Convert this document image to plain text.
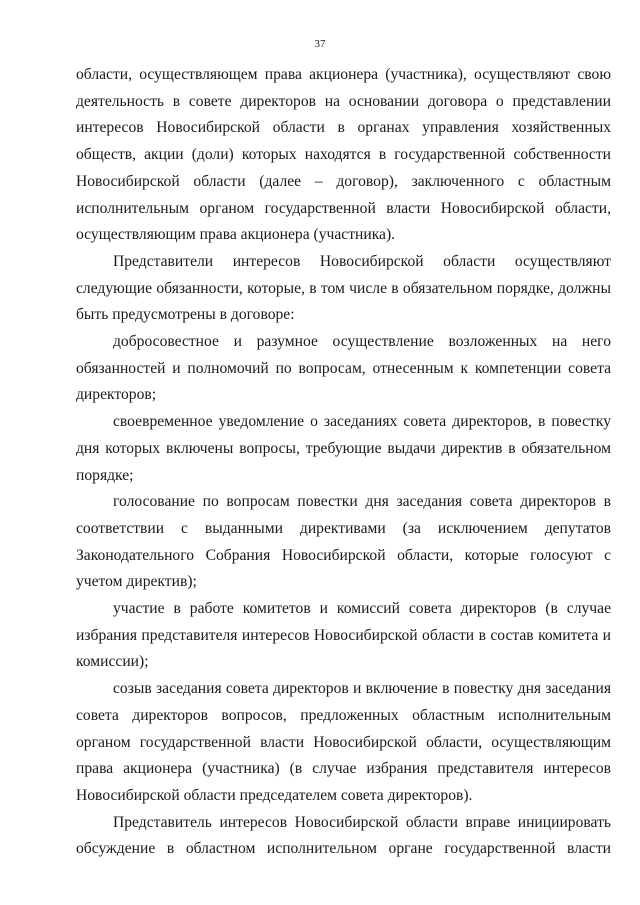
37

области, осуществляющем права акционера (участника), осуществляют свою деятельность в совете директоров на основании договора о представлении интересов Новосибирской области в органах управления хозяйственных обществ, акции (доли) которых находятся в государственной собственности Новосибирской области (далее – договор), заключенного с областным исполнительным органом государственной власти Новосибирской области, осуществляющим права акционера (участника).

Представители интересов Новосибирской области осуществляют следующие обязанности, которые, в том числе в обязательном порядке, должны быть предусмотрены в договоре:

добросовестное и разумное осуществление возложенных на него обязанностей и полномочий по вопросам, отнесенным к компетенции совета директоров;

своевременное уведомление о заседаниях совета директоров, в повестку дня которых включены вопросы, требующие выдачи директив в обязательном порядке;

голосование по вопросам повестки дня заседания совета директоров в соответствии с выданными директивами (за исключением депутатов Законодательного Собрания Новосибирской области, которые голосуют с учетом директив);

участие в работе комитетов и комиссий совета директоров (в случае избрания представителя интересов Новосибирской области в состав комитета и комиссии);

созыв заседания совета директоров и включение в повестку дня заседания совета директоров вопросов, предложенных областным исполнительным органом государственной власти Новосибирской области, осуществляющим права акционера (участника) (в случае избрания представителя интересов Новосибирской области председателем совета директоров).

Представитель интересов Новосибирской области вправе инициировать обсуждение в областном исполнительном органе государственной власти
